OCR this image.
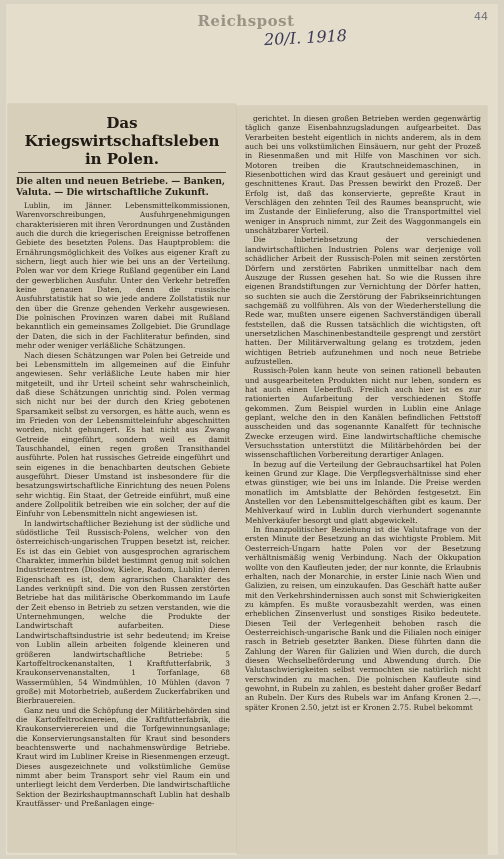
44
Reichspost
20/I. 1918
Das Kriegswirtschaftsleben in Polen.
Die alten und neuen Betriebe. — Banken, Valuta. — Die wirtschaftliche Zukunft.

Lublin, im Jänner. Lebensmittelkommissionen, Warenvorschreibungen, Ausfuhrgenehmigungen charakterisieren mit ihren Verordnungen und Zuständen auch die durch die kriegerischen Ereignisse betroffenen Gebiete des besetzten Polens. Das Hauptproblem: die Ernährungsmöglichkeit des Volkes aus eigener Kraft zu sichern, liegt auch hier wie bei uns an der Verteilung. Polen war vor dem Kriege Rußland gegenüber ein Land der gewerblichen Ausfuhr. Unter den Verkehr betreffen keine genauen Daten, denn die russische Ausfuhrstatistik hat so wie jede andere Zollstatistik nur den über die Grenze gehenden Verkehr ausgewiesen. Die polnischen Provinzen waren dabei mit Rußland bekanntlich ein gemeinsames Zollgebiet. Die Grundlage der Daten, die sich in der Fachliteratur befinden, sind mehr oder weniger verläßliche Schätzungen.

Nach diesen Schätzungen war Polen bei Getreide und bei Lebensmitteln im allgemeinen auf die Einfuhr angewiesen. Sehr verläßliche Leute haben mir hier mitgeteilt, und ihr Urteil scheint sehr wahrscheinlich, daß diese Schätzungen unrichtig sind. Polen vermag sich nicht nur bei der durch den Krieg gebotenen Sparsamkeit selbst zu versorgen, es hätte auch, wenn es im Frieden von der Lebensmitteleinfuhr abgeschnitten worden, nicht gehungert. Es hat nicht aus Zwang Getreide eingeführt, sondern weil es damit Tauschhandel, einen regen großen Transithandel ausführte. Polen hat russisches Getreide eingeführt und sein eigenes in die benachbarten deutschen Gebiete ausgeführt. Dieser Umstand ist insbesondere für die besatzungswirtschaftliche Einrichtung des neuen Polens sehr wichtig. Ein Staat, der Getreide einführt, muß eine andere Zollpolitik betreiben wie ein solcher, der auf die Einfuhr von Lebensmitteln nicht angewiesen ist.

In landwirtschaftlicher Beziehung ist der südliche und südöstliche Teil Russisch-Polens, welcher von den österreichisch-ungarischen Truppen besetzt ist, reicher. Es ist das ein Gebiet von ausgesprochen agrarischem Charakter, immerhin bildet bestimmt genug mit solchen Industriezentren (Dioslow, Kielce, Radom, Lublin) deren Eigenschaft es ist, dem agrarischen Charakter des Landes verknüpft sind. Die von den Russen zerstörten Betriebe hat das militärische Oberkommando im Laufe der Zeit ebenso in Betrieb zu setzen verstanden, wie die Unternehmungen, welche die Produkte der Landwirtschaft aufarbeiten. Diese Landwirtschaftsindustrie ist sehr bedeutend; im Kreise von Lublin allein arbeiten folgende kleineren und größeren landwirtschaftliche Betriebe: 5 Kartoffeltrockenanstalten, 1 Kraftfutterfabrik, 3 Kraukonservenanstalten, 1 Torfanlage, 68 Wassermühlen, 54 Windmühlen, 10 Mühlen (davon 7 große) mit Motorbetrieb, außerdem Zuckerfabriken und Bierbrauereien.

Ganz neu und die Schöpfung der Militärbehörden sind die Kartoffeltrocknereien, die Kraftfutterfabrik, die Kraukonservierereien und die Torfgewinnungsanlage; die Konservierungsanstalten für Kraut sind besonders beachtenswerte und nachahmenswürdige Betriebe. Kraut wird im Lubliner Kreise in Riesenmengen erzeugt. Dieses ausgezeichnete und volkstümliche Gemüse nimmt aber beim Transport sehr viel Raum ein und unterliegt leicht dem Verderben. Die landwirtschaftliche Sektion der Bezirkshauptmannschaft Lublin hat deshalb Krautfässer- und Preßanlagen einge-

gerichtet. In diesen großen Betrieben werden gegenwärtig täglich ganze Eisenbahnzugsladungen aufgearbeitet. Das Verarbeiten besteht eigentlich in nichts anderem, als in dem auch bei uns volkstümlichen Einsäuern, nur geht der Prozeß in Riesenmaßen und mit Hilfe von Maschinen vor sich. Motoren treiben die Krautschneidemaschinen, in Riesenbottichen wird das Kraut gesäuert und gereinigt und geschnittenes Kraut. Das Pressen bewirkt den Prozeß. Der Erfolg ist, daß das konservierte, gepreßte Kraut in Verschlägen den zehnten Teil des Raumes beansprucht, wie im Zustande der Einlieferung, also die Transportmittel viel weniger in Anspruch nimmt, zur Zeit des Waggonmangels ein unschätzbarer Vorteil.

Die Inbetriebsetzung der verschiedenen landwirtschaftlichen Industrien Polens war derjenige voll schädlicher Arbeit der Russisch-Polen mit seinen zerstörten Dörfern und zerstörten Fabriken unmittelbar nach dem Auszuge der Russen gesehen hat. So wie die Russen ihre eigenen Brandstiftungen zur Vernichtung der Dörfer hatten, so suchten sie auch die Zerstörung der Fabrikseinrichtungen sachgemäß zu vollführen. Als von der Wiederherstellung die Rede war, mußten unsere eigenen Sachverständigen überall feststellen, daß die Russen tatsächlich die wichtigsten, oft unersetzlichen Maschinenbestandteile gesprengt und zerstört hatten. Der Militärverwaltung gelang es trotzdem, jeden wichtigen Betrieb aufzunehmen und noch neue Betriebe aufzustellen.

Russisch-Polen kann heute von seinen rationell bebauten und ausgearbeiteten Produkten nicht nur leben, sondern es hat auch einen Ueberfluß. Freilich auch hier ist es zur rationierten Aufarbeitung der verschiedenen Stoffe gekommen. Zum Beispiel wurden in Lublin eine Anlage geplant, welche den in den Kanälen befindlichen Fettstoff ausscheiden und das sogenannte Kanalfett für technische Zwecke erzeugen wird. Eine landwirtschaftliche chemische Versuchsstation unterstützt die Militärbehörden bei der wissenschaftlichen Vorbereitung derartiger Anlagen.

In bezug auf die Verteilung der Gebrauchsartikel hat Polen keinen Grund zur Klage. Die Verpflegsverhältnisse sind eher etwas günstiger, wie bei uns im Inlande. Die Preise werden monatlich im Amtsblatte der Behörden festgesetzt. Ein Anstellen vor den Lebensmittelgeschäften gibt es kaum. Der Mehlverkauf wird in Lublin durch vierhundert sogenannte Mehlverkäufer besorgt und glatt abgewickelt.

In finanzpolitischer Beziehung ist die Valutafrage von der ersten Minute der Besetzung an das wichtigste Problem. Mit Oesterreich-Ungarn hatte Polen vor der Besetzung verhältnismäßig wenig Verbindung. Nach der Okkupation wollte von den Kaufleuten jeder, der nur konnte, die Erlaubnis erhalten, nach der Monarchie, in erster Linie nach Wien und Galizien, zu reisen, um einzukaufen. Das Geschäft hatte außer mit den Verkehrshindernissen auch sonst mit Schwierigkeiten zu kämpfen. Es mußte vorausbezahlt werden, was einen erheblichen Zinsenverlust und sonstiges Risiko bedeutete. Diesen Teil der Verlegenheit behoben rasch die Oesterreichisch-ungarische Bank und die Filialen noch einiger rasch in Betrieb gesetzter Banken. Diese führten dann die Zahlung der Waren für Galizien und Wien durch, die durch diesen Wechselbeförderung und Abwendung durch. Die Valutaschwierigkeiten selbst vermochten sie natürlich nicht verschwinden zu machen. Die polnischen Kaufleute sind gewohnt, in Rubeln zu zahlen, es besteht daher großer Bedarf an Rubeln. Der Kurs des Rubels war im Anfang Kronen 2.—, später Kronen 2.50, jetzt ist er Kronen 2.75. Rubel bekommt
